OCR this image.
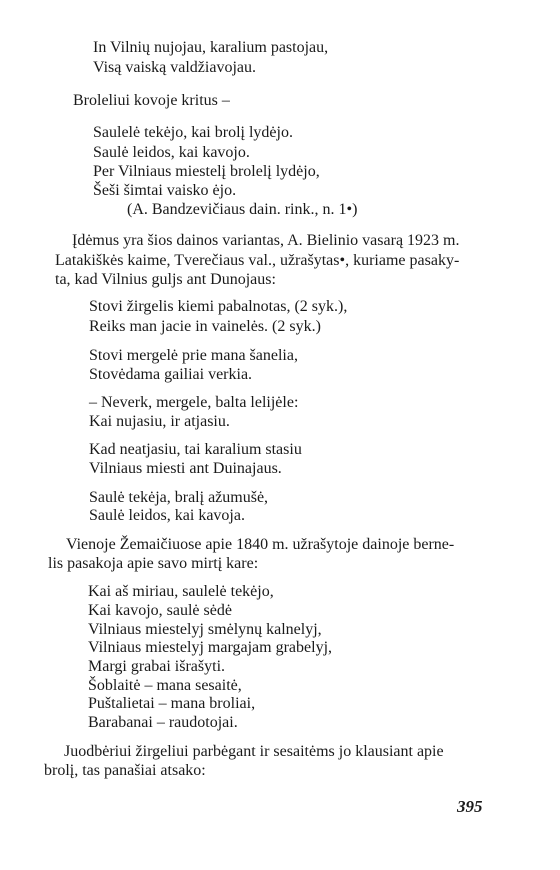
In Vilnių nujojau, karalium pastojau,
Visą vaiską valdžiavojau.
Broleliui kovoje kritus –
Saulelė tekėjo, kai brolį lydėjo.
Saulė leidos, kai kavojo.
Per Vilniaus miestelį brolelį lydėjo,
Šeši šimtai vaisko ėjo.
(A. Bandzevičiaus dain. rink., n. 1•)
Įdėmus yra šios dainos variantas, A. Bielinio vasarą 1923 m.
Latakiškės kaime, Tverečiaus val., užrašytas•, kuriame pasaky-
ta, kad Vilnius guljs ant Dunojaus:
Stovi žirgelis kiemi pabalnotas, (2 syk.),
Reiks man jacie in vainelės. (2 syk.)
Stovi mergelė prie mana šanelia,
Stovėdama gailiai verkia.
– Neverk, mergele, balta lelijėle:
Kai nujasiu, ir atjasiu.
Kad neatjasiu, tai karalium stasiu
Vilniaus miesti ant Duinajaus.
Saulė tekėja, bralį ažumušė,
Saulė leidos, kai kavoja.
Vienoje Žemaičiuose apie 1840 m. užrašytoje dainoje berne-
lis pasakoja apie savo mirtį kare:
Kai aš miriau, saulelė tekėjo,
Kai kavojo, saulė sėdė
Vilniaus miestelyj smėlynų kalnelyj,
Vilniaus miestelyj margajam grabelyj,
Margi grabai išrašyti.
Šoblaitė – mana sesaitė,
Puštalietai – mana broliai,
Barabanai – raudotojai.
Juodbėriui žirgeliui parbėgant ir sesaitėms jo klausiant apie
brolį, tas panašiai atsako:
395
